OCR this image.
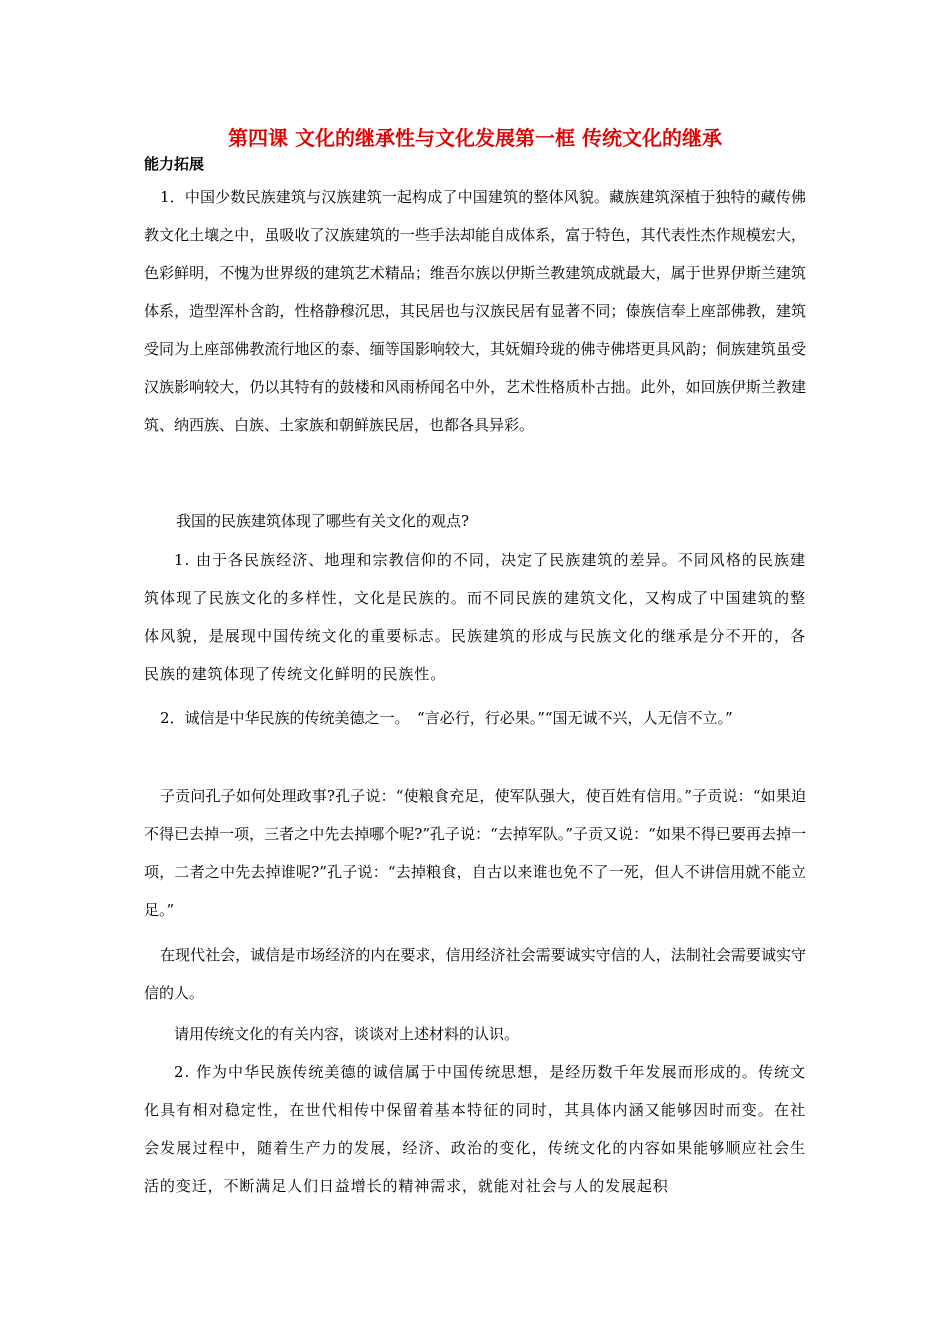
第四课 文化的继承性与文化发展第一框 传统文化的继承
能力拓展
1．中国少数民族建筑与汉族建筑一起构成了中国建筑的整体风貌。藏族建筑深植于独特的藏传佛教文化土壤之中，虽吸收了汉族建筑的一些手法却能自成体系，富于特色，其代表性杰作规模宏大，色彩鲜明，不愧为世界级的建筑艺术精品；维吾尔族以伊斯兰教建筑成就最大，属于世界伊斯兰建筑体系，造型浑朴含韵，性格静穆沉思，其民居也与汉族民居有显著不同；傣族信奉上座部佛教，建筑受同为上座部佛教流行地区的泰、缅等国影响较大，其妩媚玲珑的佛寺佛塔更具风韵；侗族建筑虽受汉族影响较大，仍以其特有的鼓楼和风雨桥闻名中外，艺术性格质朴古拙。此外，如回族伊斯兰教建筑、纳西族、白族、土家族和朝鲜族民居，也都各具异彩。
我国的民族建筑体现了哪些有关文化的观点?
1. 由于各民族经济、地理和宗教信仰的不同，决定了民族建筑的差异。不同风格的民族建筑体现了民族文化的多样性，文化是民族的。而不同民族的建筑文化，又构成了中国建筑的整体风貌，是展现中国传统文化的重要标志。民族建筑的形成与民族文化的继承是分不开的，各民族的建筑体现了传统文化鲜明的民族性。
2．诚信是中华民族的传统美德之一。　“言必行，行必果。”“国无诚不兴，人无信不立。”
子贡问孔子如何处理政事?孔子说：“使粮食充足，使军队强大，使百姓有信用。”子贡说：“如果迫不得已去掉一项，三者之中先去掉哪个呢?”孔子说：“去掉军队。”子贡又说：“如果不得已要再去掉一项，二者之中先去掉谁呢?”孔子说：“去掉粮食，自古以来谁也免不了一死，但人不讲信用就不能立足。”
在现代社会，诚信是市场经济的内在要求，信用经济社会需要诚实守信的人，法制社会需要诚实守信的人。
请用传统文化的有关内容，谈谈对上述材料的认识。
2. 作为中华民族传统美德的诚信属于中国传统思想，是经历数千年发展而形成的。传统文化具有相对稳定性，在世代相传中保留着基本特征的同时，其具体内涵又能够因时而变。在社会发展过程中，随着生产力的发展，经济、政治的变化，传统文化的内容如果能够顺应社会生活的变迁，不断满足人们日益增长的精神需求，就能对社会与人的发展起积
